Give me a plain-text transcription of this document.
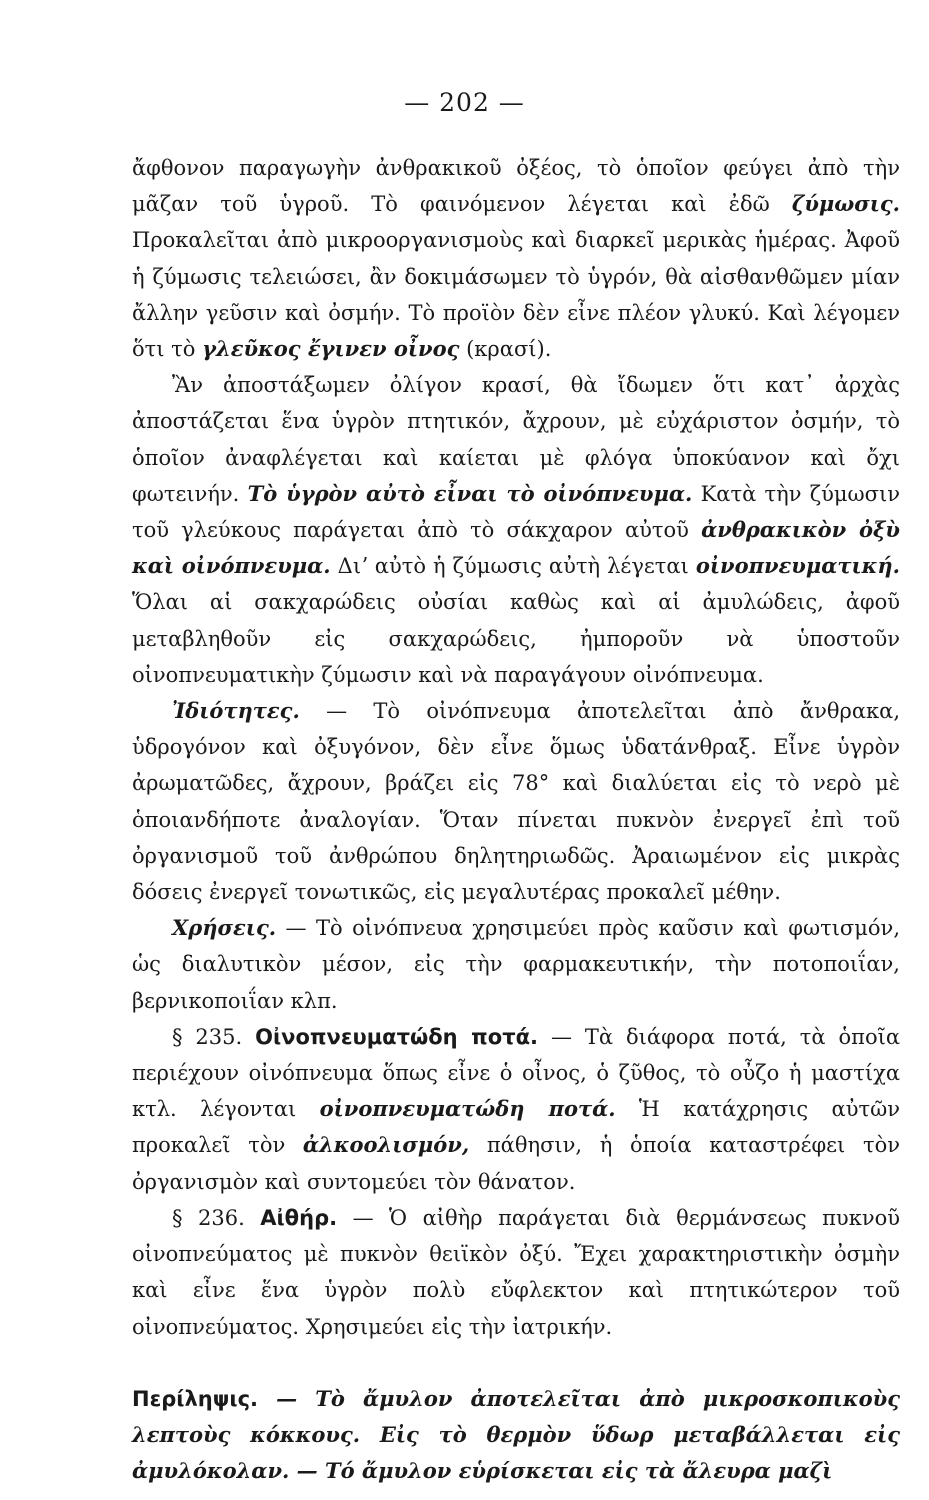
— 202 —

ἄφθονον παραγωγὴν ἀνθρακικοῦ ὀξέος, τὸ ὁποῖον φεύγει ἀπὸ τὴν μᾶζαν τοῦ ὑγροῦ. Τὸ φαινόμενον λέγεται καὶ ἐδῶ ζύμωσις. Προκαλεῖται ἀπὸ μικροοργανισμοὺς καὶ διαρκεῖ μερικὰς ἡμέρας. Ἀφοῦ ἡ ζύμωσις τελειώσει, ἂν δοκιμάσωμεν τὸ ὑγρόν, θὰ αἰσθανθῶμεν μίαν ἄλλην γεῦσιν καὶ ὀσμήν. Τὸ προϊὸν δὲν εἶνε πλέον γλυκύ. Καὶ λέγομεν ὅτι τὸ γλεῦκος ἔγινεν οἶνος (κρασί).

Ἂν ἀποστάξωμεν ὀλίγον κρασί, θὰ ἴδωμεν ὅτι κατ᾽ ἀρχὰς ἀποστάζεται ἕνα ὑγρὸν πτητικόν, ἄχρουν, μὲ εὐχάριστον ὀσμήν, τὸ ὁποῖον ἀναφλέγεται καὶ καίεται μὲ φλόγα ὑποκύανον καὶ ὄχι φωτεινήν. Τὸ ὑγρὸν αὐτὸ εἶναι τὸ οἰνόπνευμα. Κατὰ τὴν ζύμωσιν τοῦ γλεύκους παράγεται ἀπὸ τὸ σάκχαρον αὐτοῦ ἀνθρακικὸν ὀξὺ καὶ οἰνόπνευμα. Διʼ αὐτὸ ἡ ζύμωσις αὐτὴ λέγεται οἰνοπνευματική. Ὅλαι αἱ σακχαρώδεις οὐσίαι καθὼς καὶ αἱ ἀμυλώδεις, ἀφοῦ μεταβληθοῦν εἰς σακχαρώδεις, ἠμποροῦν νὰ ὑποστοῦν οἰνοπνευματικὴν ζύμωσιν καὶ νὰ παραγάγουν οἰνόπνευμα.

Ἰδιότητες. — Τὸ οἰνόπνευμα ἀποτελεῖται ἀπὸ ἄνθρακα, ὑδρογόνον καὶ ὀξυγόνον, δὲν εἶνε ὅμως ὑδατάνθραξ. Εἶνε ὑγρὸν ἀρωματῶδες, ἄχρουν, βράζει εἰς 78° καὶ διαλύεται εἰς τὸ νερὸ μὲ ὁποιανδήποτε ἀναλογίαν. Ὅταν πίνεται πυκνὸν ἐνεργεῖ ἐπὶ τοῦ ὀργανισμοῦ τοῦ ἀνθρώπου δηλητηριωδῶς. Ἀραιωμένον εἰς μικρὰς δόσεις ἐνεργεῖ τονωτικῶς, εἰς μεγαλυτέρας προκαλεῖ μέθην.

Χρήσεις. — Τὸ οἰνόπνευα χρησιμεύει πρὸς καῦσιν καὶ φωτισμόν, ὡς διαλυτικὸν μέσον, εἰς τὴν φαρμακευτικήν, τὴν ποτοποιΐαν, βερνικοποιΐαν κλπ.

§ 235. Οἰνοπνευματώδη ποτά. — Τὰ διάφορα ποτά, τὰ ὁποῖα περιέχουν οἰνόπνευμα ὅπως εἶνε ὁ οἶνος, ὁ ζῦθος, τὸ οὖζο ἡ μαστίχα κτλ. λέγονται οἰνοπνευματώδη ποτά. Ἡ κατάχρησις αὐτῶν προκαλεῖ τὸν ἀλκοολισμόν, πάθησιν, ἡ ὁποία καταστρέφει τὸν ὀργανισμὸν καὶ συντομεύει τὸν θάνατον.

§ 236. Αἰθήρ. — Ὁ αἰθὴρ παράγεται διὰ θερμάνσεως πυκνοῦ οἰνοπνεύματος μὲ πυκνὸν θειϊκὸν ὀξύ. Ἔχει χαρακτηριστικὴν ὀσμὴν καὶ εἶνε ἕνα ὑγρὸν πολὺ εὔφλεκτον καὶ πτητικώτερον τοῦ οἰνοπνεύματος. Χρησιμεύει εἰς τὴν ἰατρικήν.

Περίληψις. — Τὸ ἄμυλον ἀποτελεῖται ἀπὸ μικροσκοπικοὺς λεπτοὺς κόκκους. Εἰς τὸ θερμὸν ὕδωρ μεταβάλλεται εἰς ἀμυλόκολαν. — Τό ἄμυλον εὑρίσκεται εἰς τὰ ἄλευρα μαζὶ
